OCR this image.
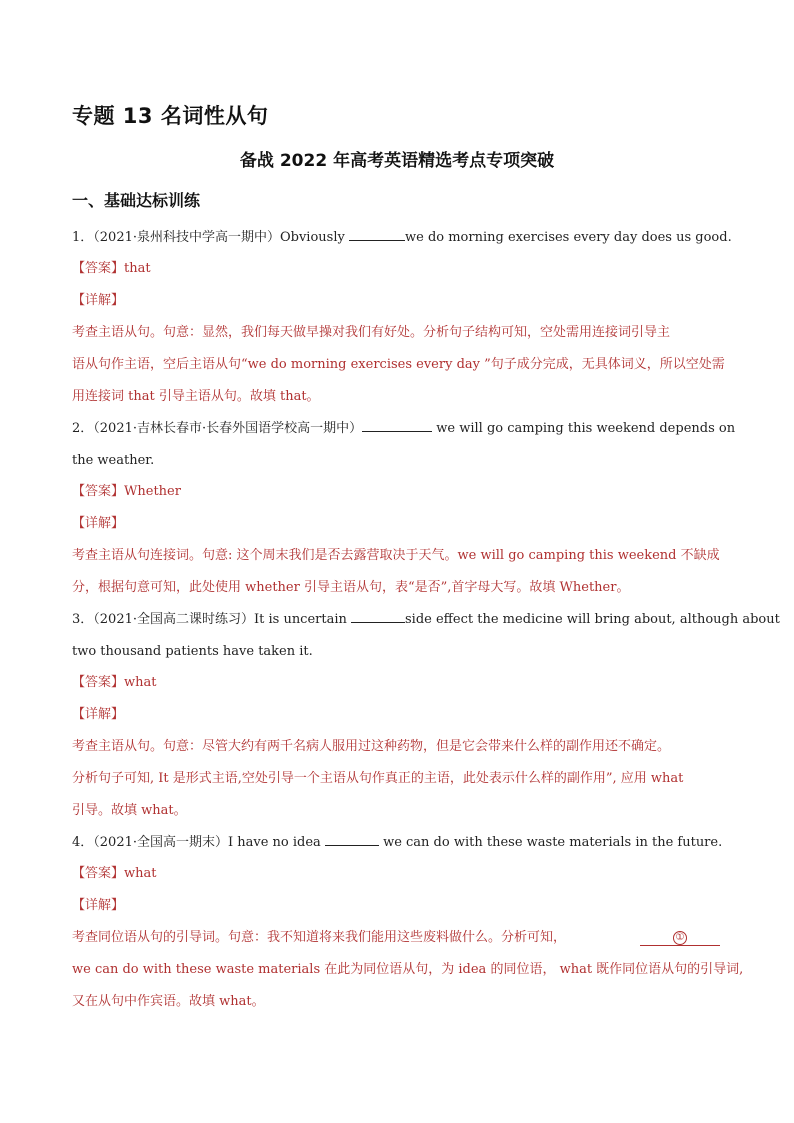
专题 13 名词性从句
备战 2022 年高考英语精选考点专项突破
一、基础达标训练
1．（2021·泉州科技中学高一期中）Obviously	we do morning exercises every day does us good.
【答案】that
【详解】
考查主语从句。句意：显然，我们每天做早操对我们有好处。分析句子结构可知，空处需用连接词引导主
语从句作主语，空后主语从句“we do morning exercises every day ”句子成分完成，无具体词义，所以空处需
用连接词 that 引导主语从句。故填 that。
2．（2021·吉林长春市·长春外国语学校高一期中）	we will go camping this weekend depends on
the weather.
【答案】Whether
【详解】
考查主语从句连接词。句意: 这个周末我们是否去露营取决于天气。we will go camping this weekend 不缺成
分，根据句意可知，此处使用 whether 引导主语从句，表“是否”,首字母大写。故填 Whether。
3．（2021·全国高二课时练习）It is uncertain	side effect the medicine will bring about, although about
two thousand patients have taken it.
【答案】what
【详解】
考查主语从句。句意：尽管大约有两千名病人服用过这种药物，但是它会带来什么样的副作用还不确定。
分析句子可知, It 是形式主语,空处引导一个主语从句作真正的主语，此处表示什么样的副作用”, 应用 what
引导。故填 what。
4．（2021·全国高一期末）I have no idea	we can do with these waste materials in the future.
【答案】what
【详解】
考查同位语从句的引导词。句意：我不知道将来我们能用这些废料做什么。分析可知，	①
we can do with these waste materials 在此为同位语从句，为 idea 的同位语， what 既作同位语从句的引导词,
又在从句中作宾语。故填 what。
